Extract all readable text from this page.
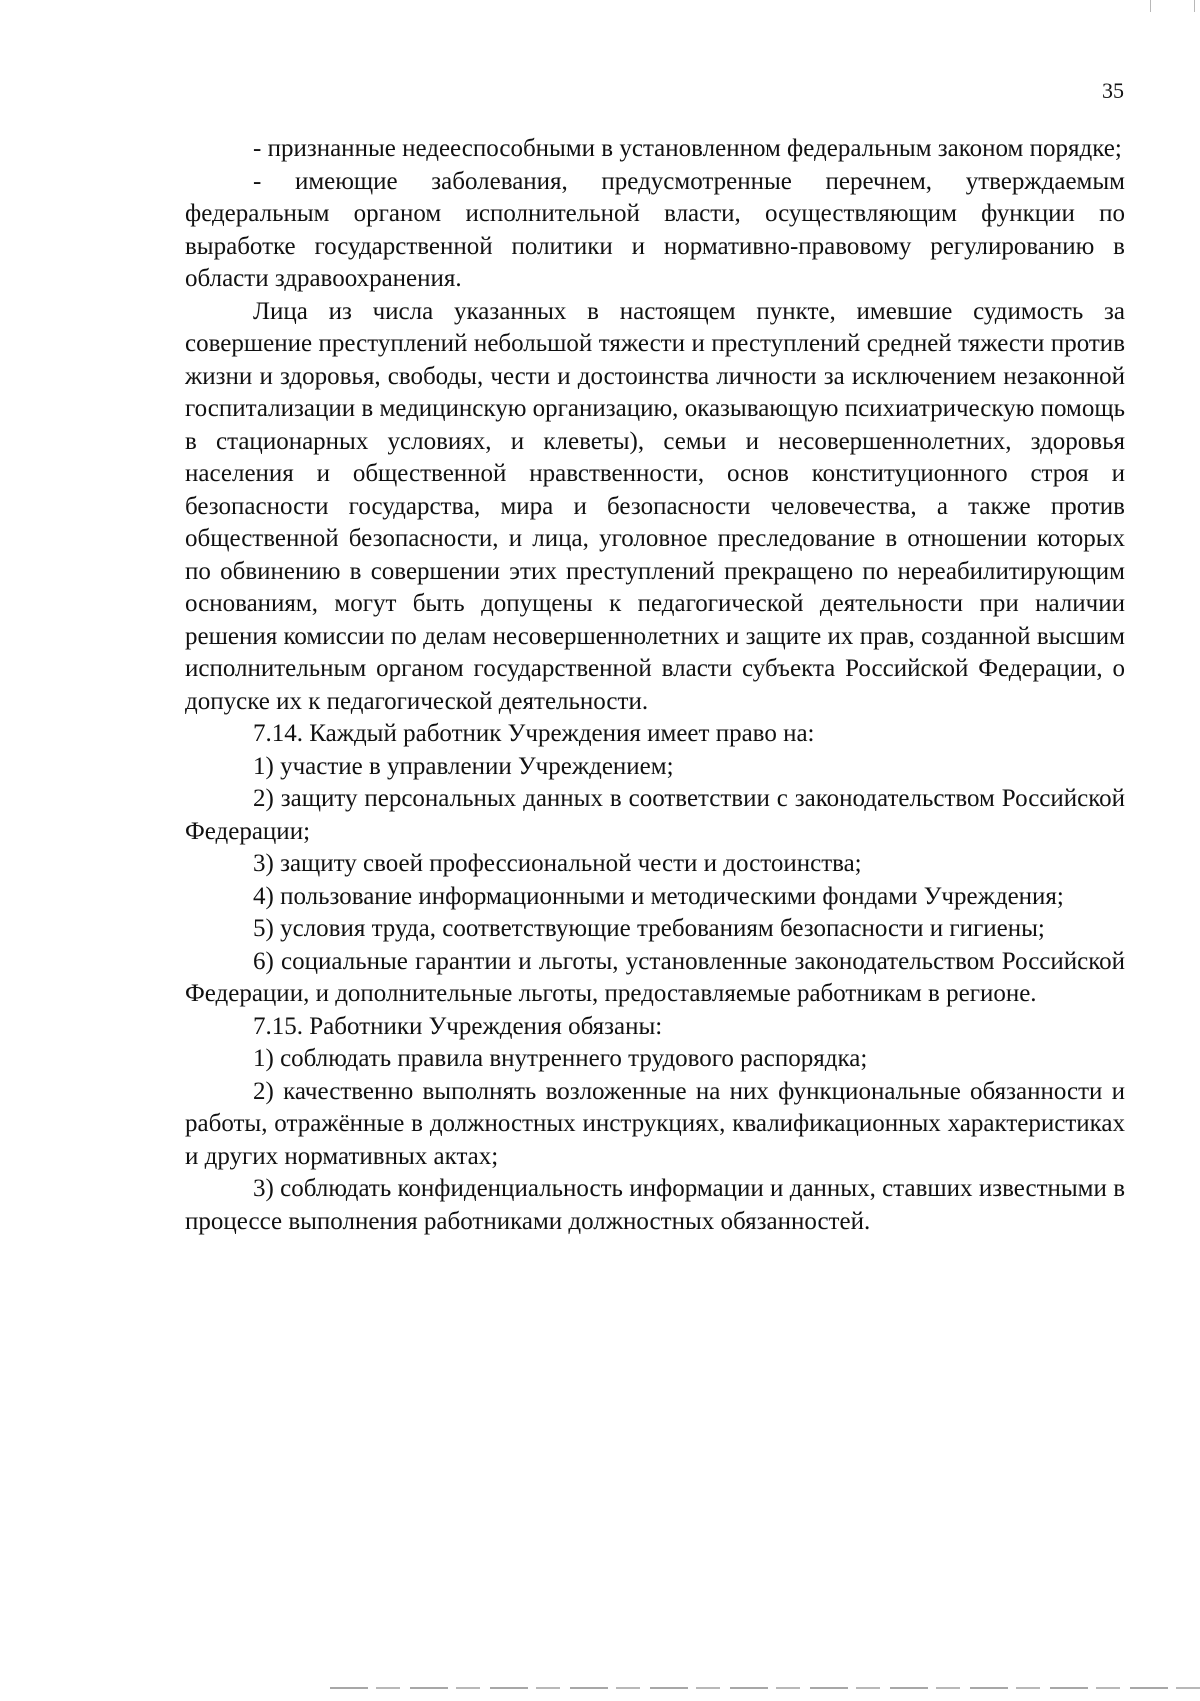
35

- признанные недееспособными в установленном федеральным законом порядке;

- имеющие заболевания, предусмотренные перечнем, утверждаемым федеральным органом исполнительной власти, осуществляющим функции по выработке государственной политики и нормативно-правовому регулированию в области здравоохранения.

Лица из числа указанных в настоящем пункте, имевшие судимость за совершение преступлений небольшой тяжести и преступлений средней тяжести против жизни и здоровья, свободы, чести и достоинства личности за исключением незаконной госпитализации в медицинскую организацию, оказывающую психиатрическую помощь в стационарных условиях, и клеветы), семьи и несовершеннолетних, здоровья населения и общественной нравственности, основ конституционного строя и безопасности государства, мира и безопасности человечества, а также против общественной безопасности, и лица, уголовное преследование в отношении которых по обвинению в совершении этих преступлений прекращено по нереабилитирующим основаниям, могут быть допущены к педагогической деятельности при наличии решения комиссии по делам несовершеннолетних и защите их прав, созданной высшим исполнительным органом государственной власти субъекта Российской Федерации, о допуске их к педагогической деятельности.

7.14. Каждый работник Учреждения имеет право на:

1) участие в управлении Учреждением;

2) защиту персональных данных в соответствии с законодательством Российской Федерации;

3) защиту своей профессиональной чести и достоинства;

4) пользование информационными и методическими фондами Учреждения;

5) условия труда, соответствующие требованиям безопасности и гигиены;

6) социальные гарантии и льготы, установленные законодательством Российской Федерации, и дополнительные льготы, предоставляемые работникам в регионе.

7.15. Работники Учреждения обязаны:

1) соблюдать правила внутреннего трудового распорядка;

2) качественно выполнять возложенные на них функциональные обязанности и работы, отражённые в должностных инструкциях, квалификационных характеристиках и других нормативных актах;

3) соблюдать конфиденциальность информации и данных, ставших известными в процессе выполнения работниками должностных обязанностей.
